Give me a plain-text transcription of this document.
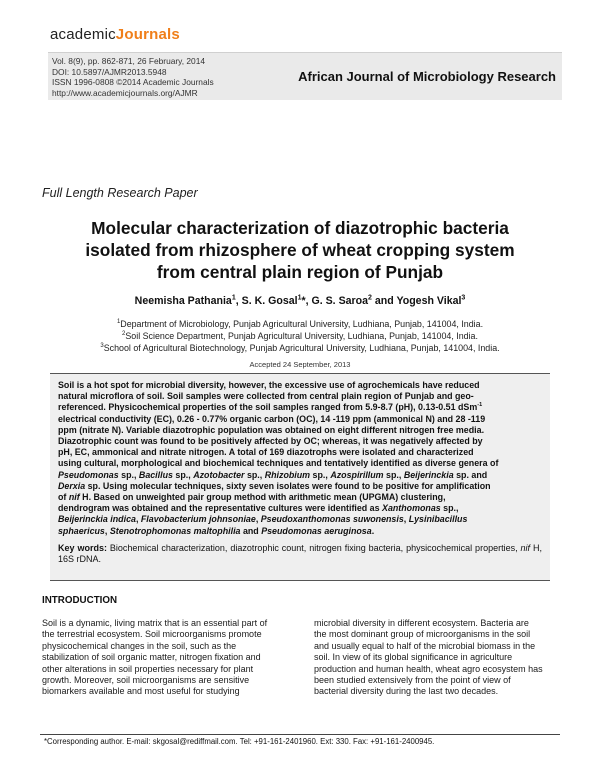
academicJournals
Vol. 8(9), pp. 862-871, 26 February, 2014
DOI: 10.5897/AJMR2013.5948
ISSN 1996-0808 ©2014 Academic Journals
http://www.academicjournals.org/AJMR
African Journal of Microbiology Research
Full Length Research Paper
Molecular characterization of diazotrophic bacteria
isolated from rhizosphere of wheat cropping system
from central plain region of Punjab
Neemisha Pathania$^1$, S. K. Gosal$^1$*, G. S. Saroa$^2$ and Yogesh Vikal$^3$
$^1$Department of Microbiology, Punjab Agricultural University, Ludhiana, Punjab, 141004, India.
$^2$Soil Science Department, Punjab Agricultural University, Ludhiana, Punjab, 141004, India.
$^3$School of Agricultural Biotechnology, Punjab Agricultural University, Ludhiana, Punjab, 141004, India.
Accepted 24 September, 2013
Soil is a hot spot for microbial diversity, however, the excessive use of agrochemicals have reduced
natural microflora of soil. Soil samples were collected from central plain region of Punjab and geo-
referenced. Physicochemical properties of the soil samples ranged from 5.9-8.7 (pH), 0.13-0.51 dSm$^{-1}$
electrical conductivity (EC), 0.26 - 0.77% organic carbon (OC), 14 -119 ppm (ammonical N) and 28 -119
ppm (nitrate N). Variable diazotrophic population was obtained on eight different nitrogen free media.
Diazotrophic count was found to be positively affected by OC; whereas, it was negatively affected by
pH, EC, ammonical and nitrate nitrogen. A total of 169 diazotrophs were isolated and characterized
using cultural, morphological and biochemical techniques and tentatively identified as diverse genera of
Pseudomonas sp., Bacillus sp., Azotobacter sp., Rhizobium sp., Azospirillum sp., Beijerinckia sp. and
Derxia sp. Using molecular techniques, sixty seven isolates were found to be positive for amplification
of nif H. Based on unweighted pair group method with arithmetic mean (UPGMA) clustering,
dendrogram was obtained and the representative cultures were identified as Xanthomonas sp.,
Beijerinckia indica, Flavobacterium johnsoniae, Pseudoxanthomonas suwonensis, Lysinibacillus
sphaericus, Stenotrophomonas maltophilia and Pseudomonas aeruginosa.
Key words: Biochemical characterization, diazotrophic count, nitrogen fixing bacteria, physicochemical properties, nif H, 16S rDNA.
INTRODUCTION
Soil is a dynamic, living matrix that is an essential part of
the terrestrial ecosystem. Soil microorganisms promote
physicochemical changes in the soil, such as the
stabilization of soil organic matter, nitrogen fixation and
other alterations in soil properties necessary for plant
growth. Moreover, soil microorganisms are sensitive
biomarkers available and most useful for studying
microbial diversity in different ecosystem. Bacteria are
the most dominant group of microorganisms in the soil
and usually equal to half of the microbial biomass in the
soil. In view of its global significance in agriculture
production and human health, wheat agro ecosystem has
been studied extensively from the point of view of
bacterial diversity during the last two decades.
*Corresponding author. E-mail: skgosal@rediffmail.com. Tel: +91-161-2401960. Ext: 330. Fax: +91-161-2400945.
